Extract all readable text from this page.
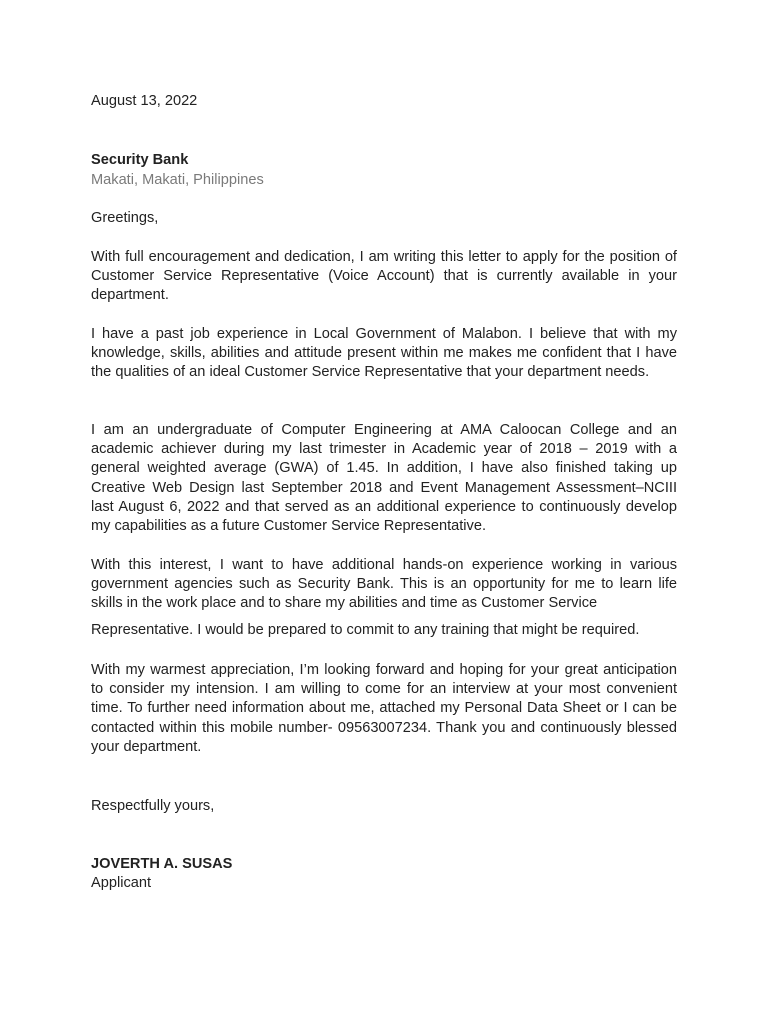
August 13, 2022
Security Bank
Makati, Makati, Philippines
Greetings,
With full encouragement and dedication, I am writing this letter to apply for the position of Customer Service Representative (Voice Account) that is currently available in your department.
I have a past job experience in Local Government of Malabon. I believe that with my knowledge, skills, abilities and attitude present within me makes me confident that I have the qualities of an ideal Customer Service Representative that your department needs.
I am an undergraduate of Computer Engineering at AMA Caloocan College and an academic achiever during my last trimester in Academic year of 2018 – 2019 with a general weighted average (GWA) of 1.45. In addition, I have also finished taking up Creative Web Design last September 2018 and Event Management Assessment–NCIII last August 6, 2022 and that served as an additional experience to continuously develop my capabilities as a future Customer Service Representative.
With this interest, I want to have additional hands-on experience working in various government agencies such as Security Bank. This is an opportunity for me to learn life skills in the work place and to share my abilities and time as Customer Service
Representative. I would be prepared to commit to any training that might be required.
With my warmest appreciation, I’m looking forward and hoping for your great anticipation to consider my intension. I am willing to come for an interview at your most convenient time. To further need information about me, attached my Personal Data Sheet or I can be contacted within this mobile number- 09563007234. Thank you and continuously blessed your department.
Respectfully yours,
JOVERTH A. SUSAS
Applicant
